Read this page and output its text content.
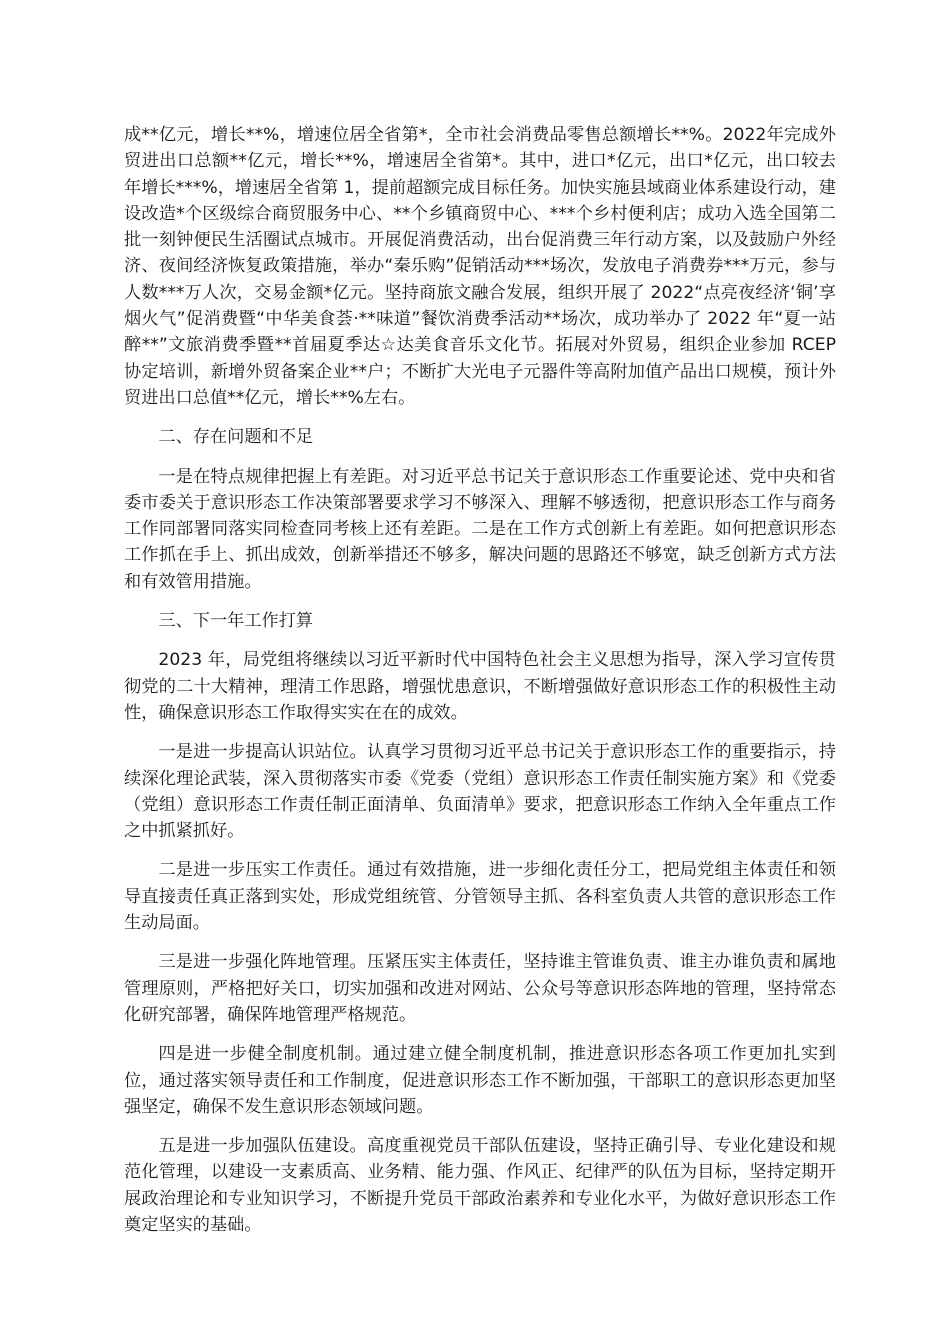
成**亿元，增长**%，增速位居全省第*，全市社会消费品零售总额增长**%。2022年完成外贸进出口总额**亿元，增长**%，增速居全省第*。其中，进口*亿元，出口*亿元，出口较去年增长***%，增速居全省第 1，提前超额完成目标任务。加快实施县域商业体系建设行动，建设改造*个区级综合商贸服务中心、**个乡镇商贸中心、***个乡村便利店；成功入选全国第二批一刻钟便民生活圈试点城市。开展促消费活动，出台促消费三年行动方案，以及鼓励户外经济、夜间经济恢复政策措施，举办“秦乐购”促销活动***场次，发放电子消费券***万元，参与人数***万人次，交易金额*亿元。坚持商旅文融合发展，组织开展了 2022“点亮夜经济‘铜’享烟火气”促消费暨“中华美食荟·**味道”餐饮消费季活动**场次，成功举办了 2022 年“夏一站醉**”文旅消费季暨**首届夏季达☆达美食音乐文化节。拓展对外贸易，组织企业参加 RCEP 协定培训，新增外贸备案企业**户；不断扩大光电子元器件等高附加值产品出口规模，预计外贸进出口总值**亿元，增长**%左右。

二、存在问题和不足

一是在特点规律把握上有差距。对习近平总书记关于意识形态工作重要论述、党中央和省委市委关于意识形态工作决策部署要求学习不够深入、理解不够透彻，把意识形态工作与商务工作同部署同落实同检查同考核上还有差距。二是在工作方式创新上有差距。如何把意识形态工作抓在手上、抓出成效，创新举措还不够多，解决问题的思路还不够宽，缺乏创新方式方法和有效管用措施。

三、下一年工作打算

2023 年，局党组将继续以习近平新时代中国特色社会主义思想为指导，深入学习宣传贯彻党的二十大精神，理清工作思路，增强忧患意识，不断增强做好意识形态工作的积极性主动性，确保意识形态工作取得实实在在的成效。

一是进一步提高认识站位。认真学习贯彻习近平总书记关于意识形态工作的重要指示，持续深化理论武装，深入贯彻落实市委《党委（党组）意识形态工作责任制实施方案》和《党委（党组）意识形态工作责任制正面清单、负面清单》要求，把意识形态工作纳入全年重点工作之中抓紧抓好。

二是进一步压实工作责任。通过有效措施，进一步细化责任分工，把局党组主体责任和领导直接责任真正落到实处，形成党组统管、分管领导主抓、各科室负责人共管的意识形态工作生动局面。

三是进一步强化阵地管理。压紧压实主体责任，坚持谁主管谁负责、谁主办谁负责和属地管理原则，严格把好关口，切实加强和改进对网站、公众号等意识形态阵地的管理，坚持常态化研究部署，确保阵地管理严格规范。

四是进一步健全制度机制。通过建立健全制度机制，推进意识形态各项工作更加扎实到位，通过落实领导责任和工作制度，促进意识形态工作不断加强，干部职工的意识形态更加坚强坚定，确保不发生意识形态领域问题。

五是进一步加强队伍建设。高度重视党员干部队伍建设，坚持正确引导、专业化建设和规范化管理，以建设一支素质高、业务精、能力强、作风正、纪律严的队伍为目标，坚持定期开展政治理论和专业知识学习，不断提升党员干部政治素养和专业化水平，为做好意识形态工作奠定坚实的基础。
